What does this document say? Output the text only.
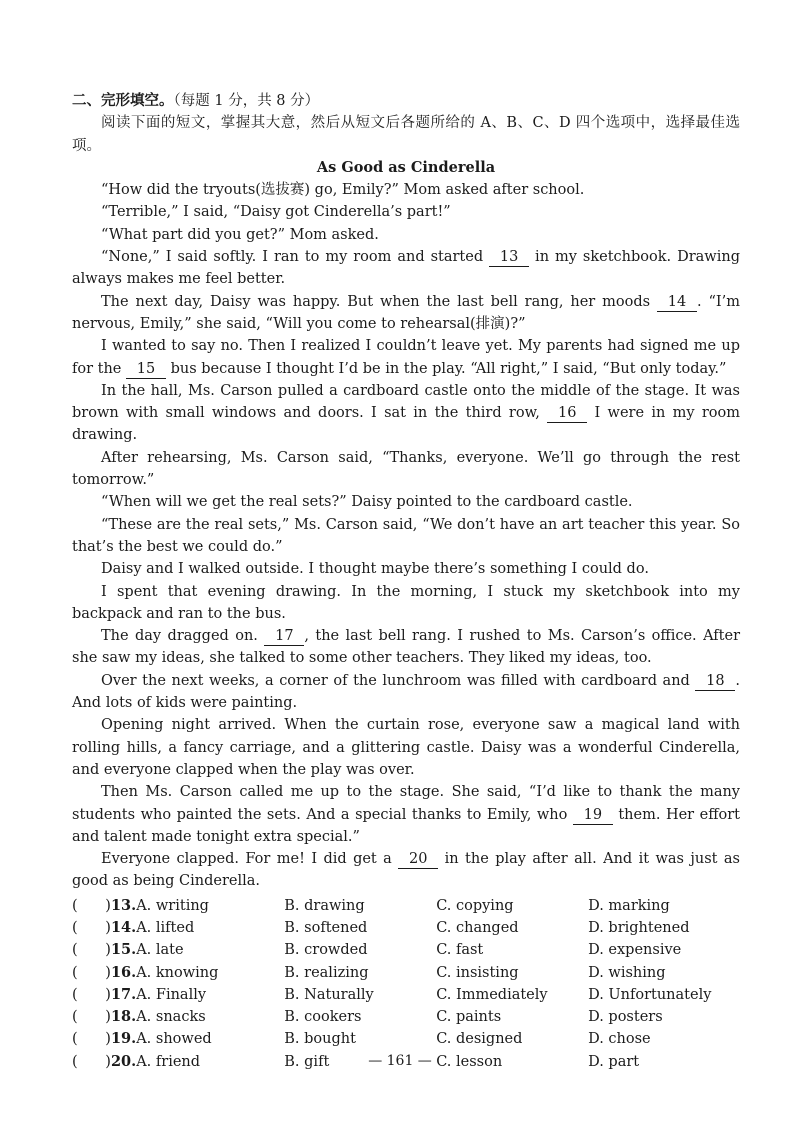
二、完形填空。（每题 1 分，共 8 分）
阅读下面的短文，掌握其大意，然后从短文后各题所给的 A、B、C、D 四个选项中，选择最佳选项。
As Good as Cinderella
“How did the tryouts(选拔赛) go, Emily?” Mom asked after school.
“Terrible,” I said, “Daisy got Cinderella’s part!”
“What part did you get?” Mom asked.
“None,” I said softly. I ran to my room and started 13 in my sketchbook. Drawing always makes me feel better.
The next day, Daisy was happy. But when the last bell rang, her moods 14 . “I’m nervous, Emily,” she said, “Will you come to rehearsal(排演)?”
I wanted to say no. Then I realized I couldn’t leave yet. My parents had signed me up for the 15 bus because I thought I’d be in the play. “All right,” I said, “But only today.”
In the hall, Ms. Carson pulled a cardboard castle onto the middle of the stage. It was brown with small windows and doors. I sat in the third row, 16 I were in my room drawing.
After rehearsing, Ms. Carson said, “Thanks, everyone. We’ll go through the rest tomorrow.”
“When will we get the real sets?” Daisy pointed to the cardboard castle.
“These are the real sets,” Ms. Carson said, “We don’t have an art teacher this year. So that’s the best we could do.”
Daisy and I walked outside. I thought maybe there’s something I could do.
I spent that evening drawing. In the morning, I stuck my sketchbook into my backpack and ran to the bus.
The day dragged on. 17 , the last bell rang. I rushed to Ms. Carson’s office. After she saw my ideas, she talked to some other teachers. They liked my ideas, too.
Over the next weeks, a corner of the lunchroom was filled with cardboard and 18 . And lots of kids were painting.
Opening night arrived. When the curtain rose, everyone saw a magical land with rolling hills, a fancy carriage, and a glittering castle. Daisy was a wonderful Cinderella, and everyone clapped when the play was over.
Then Ms. Carson called me up to the stage. She said, “I’d like to thank the many students who painted the sets. And a special thanks to Emily, who 19 them. Her effort and talent made tonight extra special.”
Everyone clapped. For me! I did get a 20 in the play after all. And it was just as good as being Cinderella.
(      )13.A. writing	B. drawing	C. copying	D. marking
(      )14.A. lifted	B. softened	C. changed	D. brightened
(      )15.A. late	B. crowded	C. fast	D. expensive
(      )16.A. knowing	B. realizing	C. insisting	D. wishing
(      )17.A. Finally	B. Naturally	C. Immediately	D. Unfortunately
(      )18.A. snacks	B. cookers	C. paints	D. posters
(      )19.A. showed	B. bought	C. designed	D. chose
(      )20.A. friend	B. gift	C. lesson	D. part
— 161 —
